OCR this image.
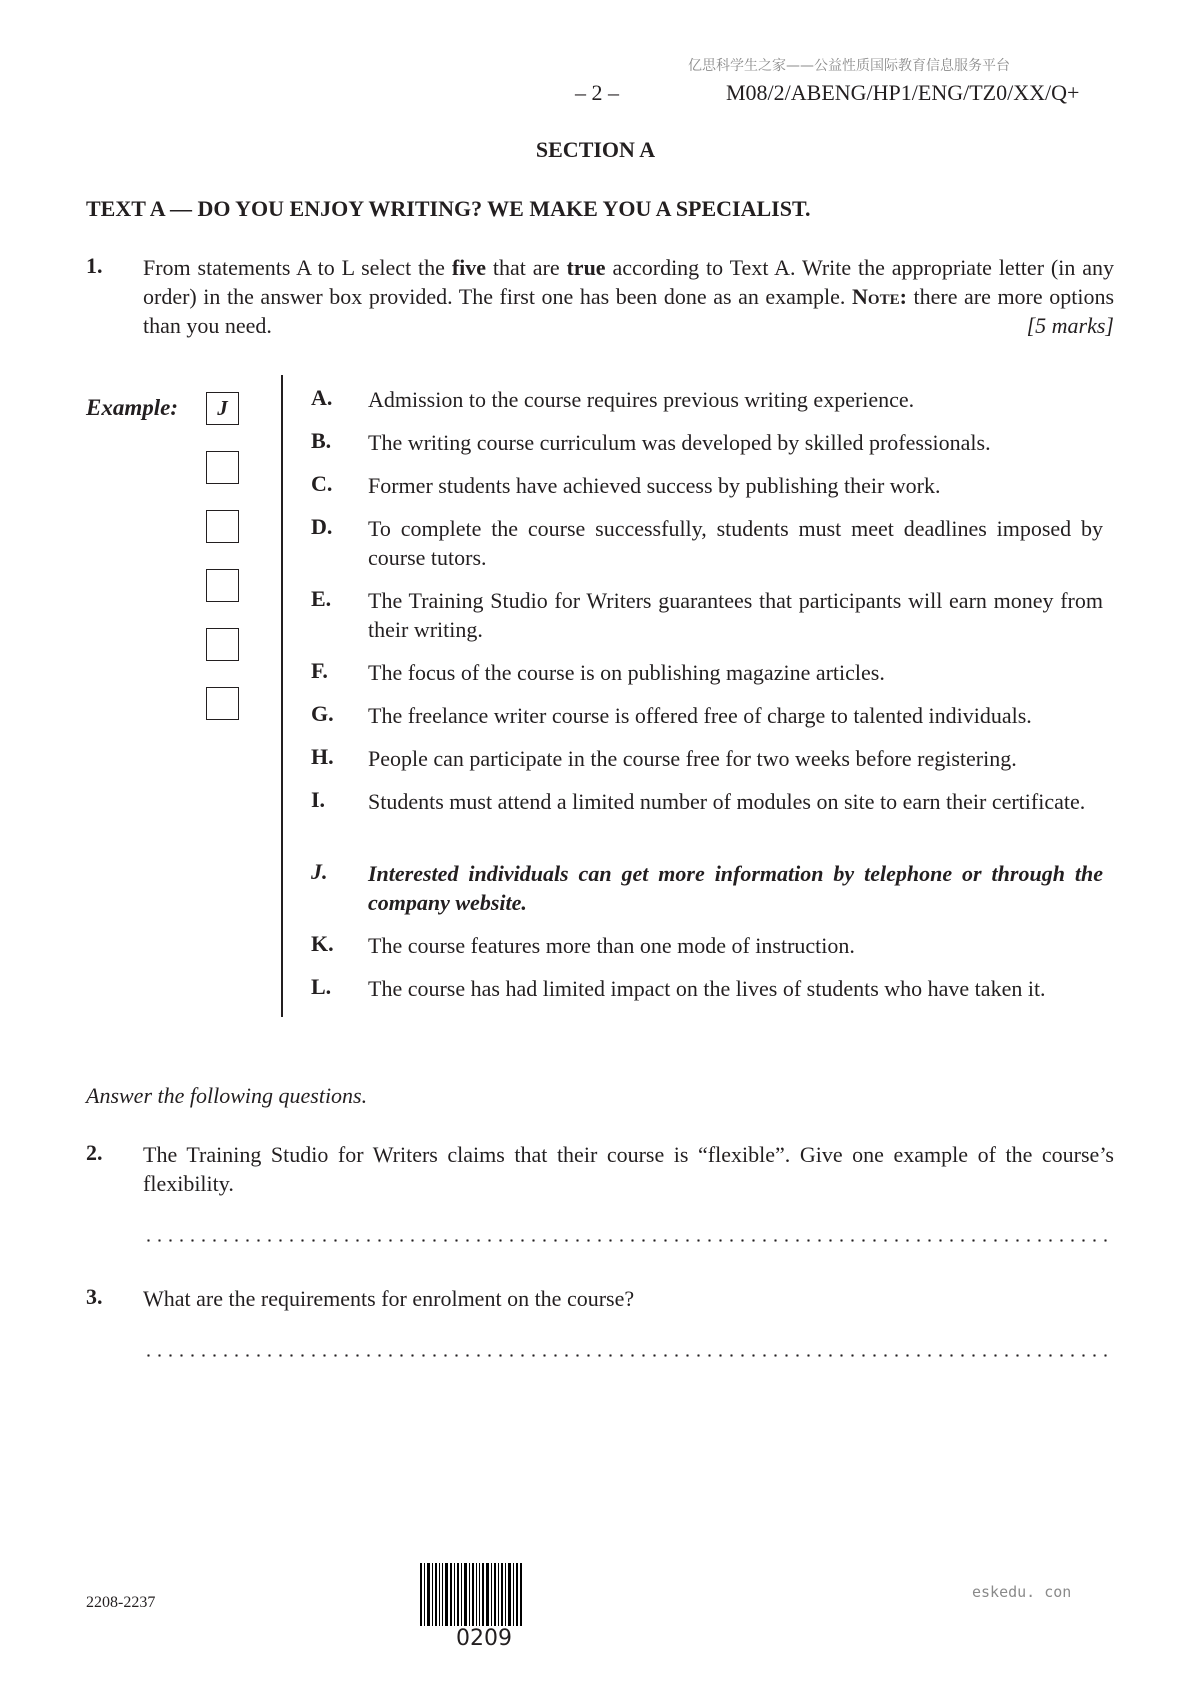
亿思科学生之家——公益性质国际教育信息服务平台
– 2 –	M08/2/ABENG/HP1/ENG/TZ0/XX/Q+
SECTION A
TEXT A — DO YOU ENJOY WRITING? WE MAKE YOU A SPECIALIST.
1. From statements A to L select the five that are true according to Text A. Write the appropriate letter (in any order) in the answer box provided. The first one has been done as an example. Note: there are more options than you need.	[5 marks]
Example:	J	A. Admission to the course requires previous writing experience.
B. The writing course curriculum was developed by skilled professionals.
C. Former students have achieved success by publishing their work.
D. To complete the course successfully, students must meet deadlines imposed by course tutors.
E. The Training Studio for Writers guarantees that participants will earn money from their writing.
F. The focus of the course is on publishing magazine articles.
G. The freelance writer course is offered free of charge to talented individuals.
H. People can participate in the course free for two weeks before registering.
I. Students must attend a limited number of modules on site to earn their certificate.
J. Interested individuals can get more information by telephone or through the company website.
K. The course features more than one mode of instruction.
L. The course has had limited impact on the lives of students who have taken it.
Answer the following questions.
2. The Training Studio for Writers claims that their course is “flexible”. Give one example of the course’s flexibility.
3. What are the requirements for enrolment on the course?
2208-2237
0209
eskedu. con
